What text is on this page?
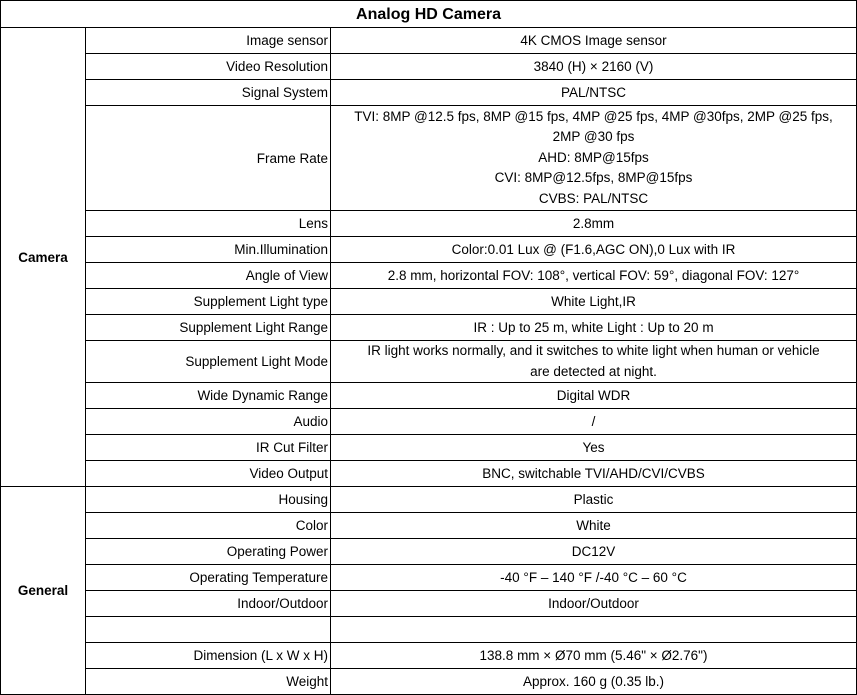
Analog HD Camera		
Camera	Image sensor	4K CMOS Image sensor
	Video Resolution	3840 (H) × 2160 (V)
	Signal System	PAL/NTSC
	Frame Rate	TVI: 8MP @12.5 fps, 8MP @15 fps, 4MP @25 fps, 4MP @30fps, 2MP @25 fps,
2MP @30 fps
AHD: 8MP@15fps
CVI: 8MP@12.5fps, 8MP@15fps
CVBS: PAL/NTSC

	Lens	2.8mm
	Min.Illumination	Color:0.01 Lux @ (F1.6,AGC ON),0 Lux with IR
	Angle of View	2.8 mm, horizontal FOV: 108°, vertical FOV: 59°, diagonal FOV: 127°
	Supplement Light type	White Light,IR
	Supplement Light Range	IR : Up to 25 m, white Light : Up to 20 m
	Supplement Light Mode	IR light works normally, and it switches to white light when human or vehicle
are detected at night.

	Wide Dynamic Range	Digital WDR
	Audio	/
	IR Cut Filter	Yes
	Video Output	BNC, switchable TVI/AHD/CVI/CVBS
General	Housing	Plastic
	Color	White
	Operating Power	DC12V
	Operating Temperature	-40 °F – 140 °F /-40 °C – 60 °C
	Indoor/Outdoor	Indoor/Outdoor

	Dimension (L x W x H)	138.8 mm × Ø70 mm (5.46" × Ø2.76")
	Weight	Approx. 160 g (0.35 lb.)
